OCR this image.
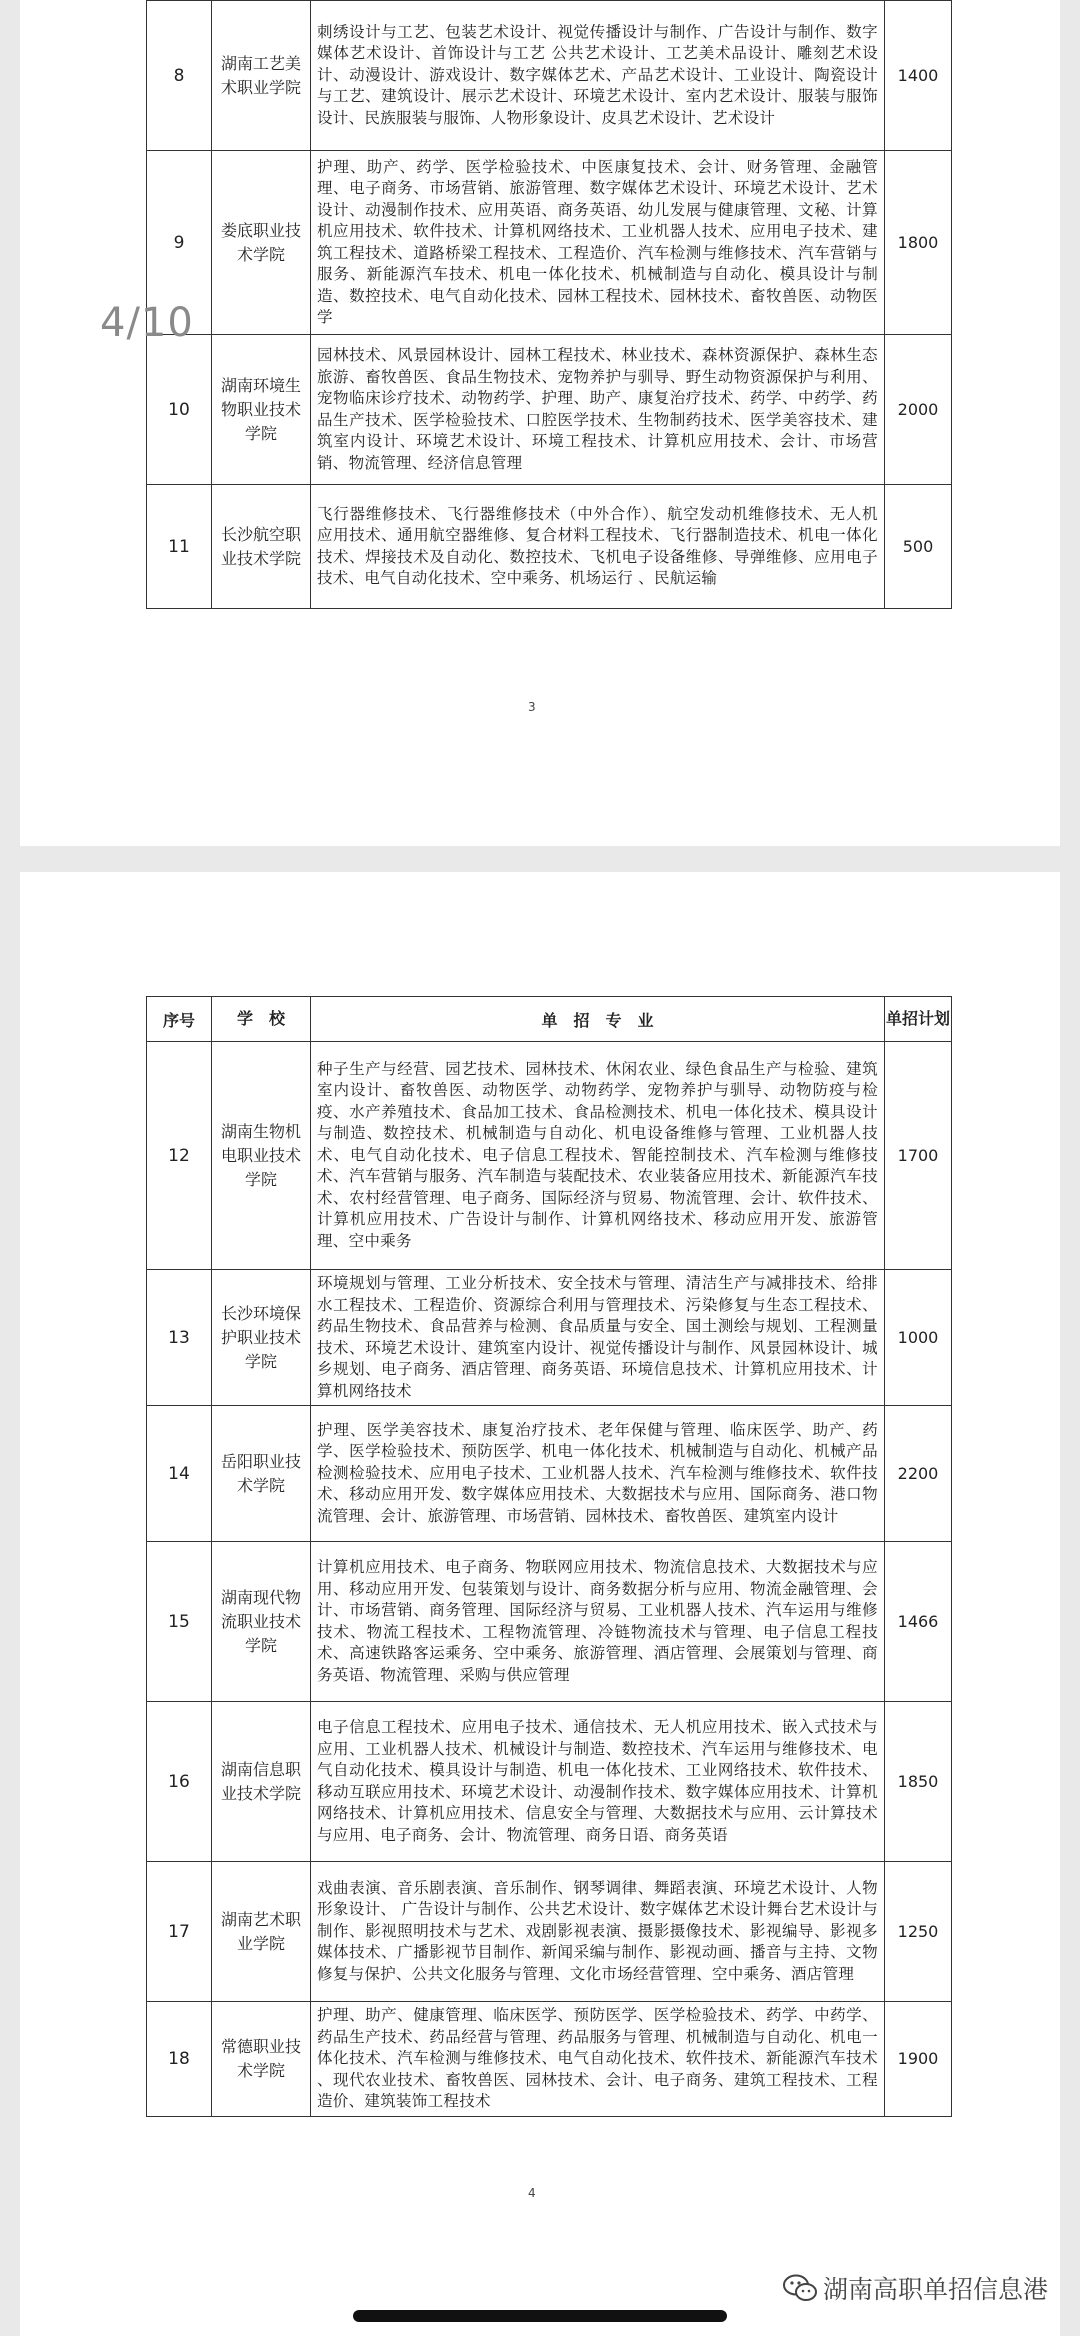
8	湖南工艺美术职业学院	刺绣设计与工艺、包装艺术设计、视觉传播设计与制作、广告设计与制作、数字媒体艺术设计、首饰设计与工艺 公共艺术设计、工艺美术品设计、雕刻艺术设计、动漫设计、游戏设计、数字媒体艺术、产品艺术设计、工业设计、陶瓷设计与工艺、建筑设计、展示艺术设计、环境艺术设计、室内艺术设计、服装与服饰设计、民族服装与服饰、人物形象设计、皮具艺术设计、艺术设计	1400
9	娄底职业技术学院	护理、助产、药学、医学检验技术、中医康复技术、会计、财务管理、金融管理、电子商务、市场营销、旅游管理、数字媒体艺术设计、环境艺术设计、艺术设计、动漫制作技术、应用英语、商务英语、幼儿发展与健康管理、文秘、计算机应用技术、软件技术、计算机网络技术、工业机器人技术、应用电子技术、建筑工程技术、道路桥梁工程技术、工程造价、汽车检测与维修技术、汽车营销与服务、新能源汽车技术、机电一体化技术、机械制造与自动化、模具设计与制造、数控技术、电气自动化技术、园林工程技术、园林技术、畜牧兽医、动物医学	1800
10	湖南环境生物职业技术学院	园林技术、风景园林设计、园林工程技术、林业技术、森林资源保护、森林生态旅游、畜牧兽医、食品生物技术、宠物养护与驯导、野生动物资源保护与利用、宠物临床诊疗技术、动物药学、护理、助产、康复治疗技术、药学、中药学、药品生产技术、医学检验技术、口腔医学技术、生物制药技术、医学美容技术、建筑室内设计、环境艺术设计、环境工程技术、计算机应用技术、会计、市场营销、物流管理、经济信息管理	2000
11	长沙航空职业技术学院	飞行器维修技术、飞行器维修技术（中外合作）、航空发动机维修技术、无人机应用技术、通用航空器维修、复合材料工程技术、飞行器制造技术、机电一体化技术、焊接技术及自动化、数控技术、飞机电子设备维修、导弹维修、应用电子技术、电气自动化技术、空中乘务、机场运行 、民航运输	500
3
序号	学　校	单　招　专　业	单招计划
12	湖南生物机电职业技术学院	种子生产与经营、园艺技术、园林技术、休闲农业、绿色食品生产与检验、建筑室内设计、畜牧兽医、动物医学、动物药学、宠物养护与驯导、动物防疫与检疫、水产养殖技术、食品加工技术、食品检测技术、机电一体化技术、模具设计与制造、数控技术、机械制造与自动化、机电设备维修与管理、工业机器人技术、电气自动化技术、电子信息工程技术、智能控制技术、汽车检测与维修技术、汽车营销与服务、汽车制造与装配技术、农业装备应用技术、新能源汽车技术、农村经营管理、电子商务、国际经济与贸易、物流管理、会计、软件技术、计算机应用技术、广告设计与制作、计算机网络技术、移动应用开发、旅游管理、空中乘务	1700
13	长沙环境保护职业技术学院	环境规划与管理、工业分析技术、安全技术与管理、清洁生产与减排技术、给排水工程技术、工程造价、资源综合利用与管理技术、污染修复与生态工程技术、药品生物技术、食品营养与检测、食品质量与安全、国土测绘与规划、工程测量技术、环境艺术设计、建筑室内设计、视觉传播设计与制作、风景园林设计、城乡规划、电子商务、酒店管理、商务英语、环境信息技术、计算机应用技术、计算机网络技术	1000
14	岳阳职业技术学院	护理、医学美容技术、康复治疗技术、老年保健与管理、临床医学、助产、药学、医学检验技术、预防医学、机电一体化技术、机械制造与自动化、机械产品检测检验技术、应用电子技术、工业机器人技术、汽车检测与维修技术、软件技术、移动应用开发、数字媒体应用技术、大数据技术与应用、国际商务、港口物流管理、会计、旅游管理、市场营销、园林技术、畜牧兽医、建筑室内设计	2200
15	湖南现代物流职业技术学院	计算机应用技术、电子商务、物联网应用技术、物流信息技术、大数据技术与应用、移动应用开发、包装策划与设计、商务数据分析与应用、物流金融管理、会计、市场营销、商务管理、国际经济与贸易、工业机器人技术、汽车运用与维修技术、物流工程技术、工程物流管理、冷链物流技术与管理、电子信息工程技术、高速铁路客运乘务、空中乘务、旅游管理、酒店管理、会展策划与管理、商务英语、物流管理、采购与供应管理	1466
16	湖南信息职业技术学院	电子信息工程技术、应用电子技术、通信技术、无人机应用技术、嵌入式技术与应用、工业机器人技术、机械设计与制造、数控技术、汽车运用与维修技术、电气自动化技术、模具设计与制造、机电一体化技术、工业网络技术、软件技术、移动互联应用技术、环境艺术设计、动漫制作技术、数字媒体应用技术、计算机网络技术、计算机应用技术、信息安全与管理、大数据技术与应用、云计算技术与应用、电子商务、会计、物流管理、商务日语、商务英语	1850
17	湖南艺术职业学院	戏曲表演、音乐剧表演、音乐制作、钢琴调律、舞蹈表演、环境艺术设计、人物形象设计、 广告设计与制作、公共艺术设计、数字媒体艺术设计舞台艺术设计与制作、影视照明技术与艺术、戏剧影视表演、摄影摄像技术、影视编导、影视多媒体技术、广播影视节目制作、新闻采编与制作、影视动画、播音与主持、文物修复与保护、公共文化服务与管理、文化市场经营管理、空中乘务、酒店管理	1250
18	常德职业技术学院	护理、助产、健康管理、临床医学、预防医学、医学检验技术、药学、中药学、药品生产技术、药品经营与管理、药品服务与管理、机械制造与自动化、机电一体化技术、汽车检测与维修技术、电气自动化技术、软件技术、新能源汽车技术 、现代农业技术、畜牧兽医、园林技术、会计、电子商务、建筑工程技术、工程造价、建筑装饰工程技术	1900
4
4/10
湖南高职单招信息港
